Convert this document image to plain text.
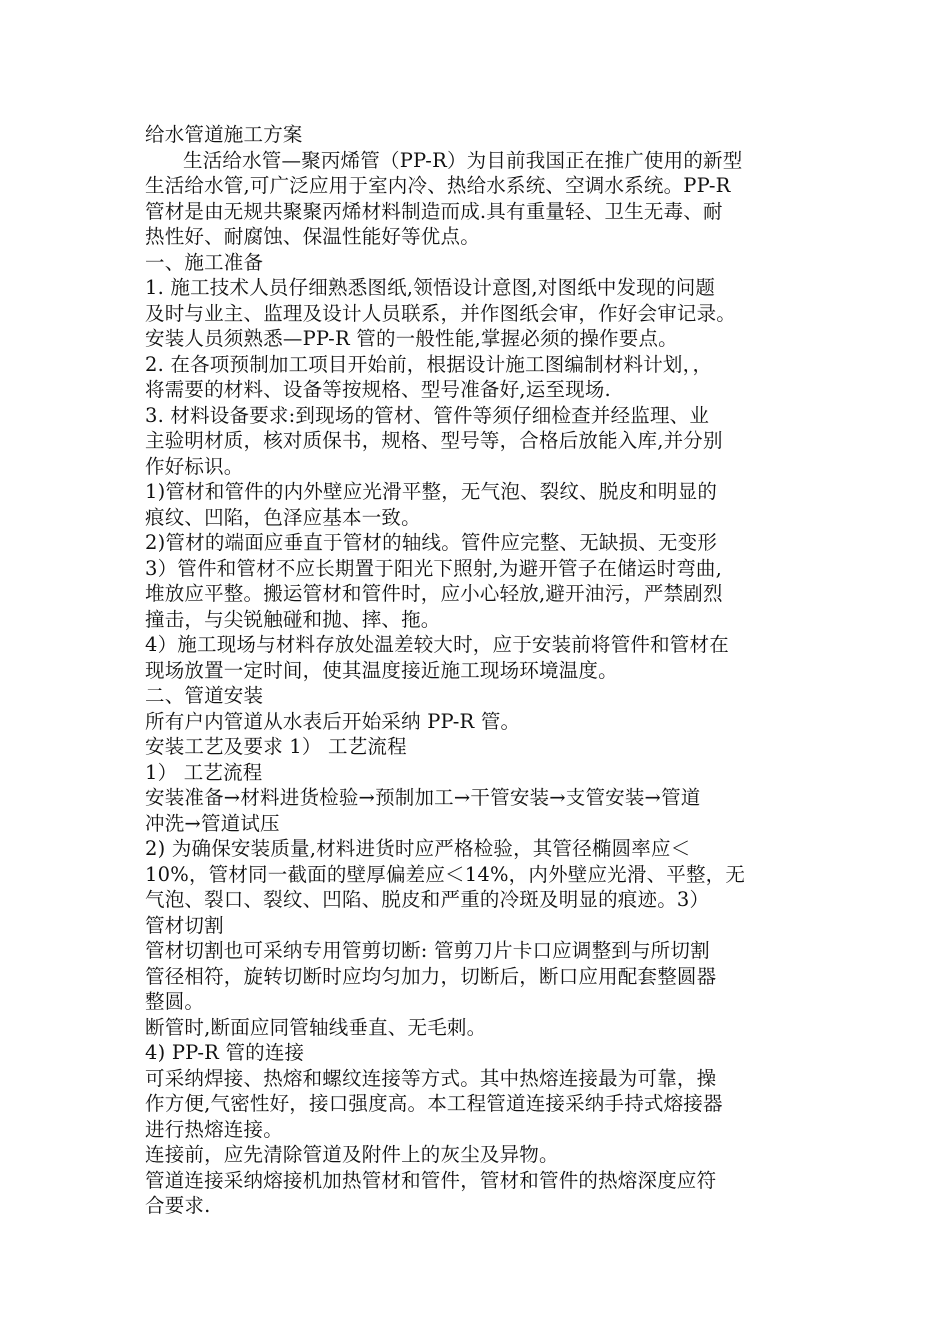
给水管道施工方案
生活给水管—聚丙烯管（PP-R）为目前我国正在推广使用的新型
生活给水管,可广泛应用于室内冷、热给水系统、空调水系统。PP-R
管材是由无规共聚聚丙烯材料制造而成.具有重量轻、卫生无毒、耐
热性好、耐腐蚀、保温性能好等优点。
一、施工准备
1. 施工技术人员仔细熟悉图纸,领悟设计意图,对图纸中发现的问题
及时与业主、监理及设计人员联系，并作图纸会审，作好会审记录。
安装人员须熟悉—PP-R 管的一般性能,掌握必须的操作要点。
2. 在各项预制加工项目开始前，根据设计施工图编制材料计划，，
将需要的材料、设备等按规格、型号准备好,运至现场.
3. 材料设备要求:到现场的管材、管件等须仔细检查并经监理、业
主验明材质，核对质保书，规格、型号等，合格后放能入库,并分别
作好标识。
1)管材和管件的内外壁应光滑平整，无气泡、裂纹、脱皮和明显的
痕纹、凹陷，色泽应基本一致。
2)管材的端面应垂直于管材的轴线。管件应完整、无缺损、无变形
3）管件和管材不应长期置于阳光下照射,为避开管子在储运时弯曲,
堆放应平整。搬运管材和管件时，应小心轻放,避开油污，严禁剧烈
撞击，与尖锐触碰和抛、摔、拖。
4）施工现场与材料存放处温差较大时，应于安装前将管件和管材在
现场放置一定时间，使其温度接近施工现场环境温度。
二、管道安装
所有户内管道从水表后开始采纳 PP-R 管。
安装工艺及要求 1） 工艺流程
1） 工艺流程
安装准备→材料进货检验→预制加工→干管安装→支管安装→管道
冲洗→管道试压
2) 为确保安装质量,材料进货时应严格检验，其管径椭圆率应＜
10%，管材同一截面的壁厚偏差应＜14%，内外壁应光滑、平整，无
气泡、裂口、裂纹、凹陷、脱皮和严重的冷斑及明显的痕迹。3）
管材切割
管材切割也可采纳专用管剪切断: 管剪刀片卡口应调整到与所切割
管径相符，旋转切断时应均匀加力，切断后，断口应用配套整圆器
整圆。
断管时,断面应同管轴线垂直、无毛刺。
4) PP-R 管的连接
可采纳焊接、热熔和螺纹连接等方式。其中热熔连接最为可靠，操
作方便,气密性好，接口强度高。本工程管道连接采纳手持式熔接器
进行热熔连接。
连接前，应先清除管道及附件上的灰尘及异物。
管道连接采纳熔接机加热管材和管件，管材和管件的热熔深度应符
合要求.
